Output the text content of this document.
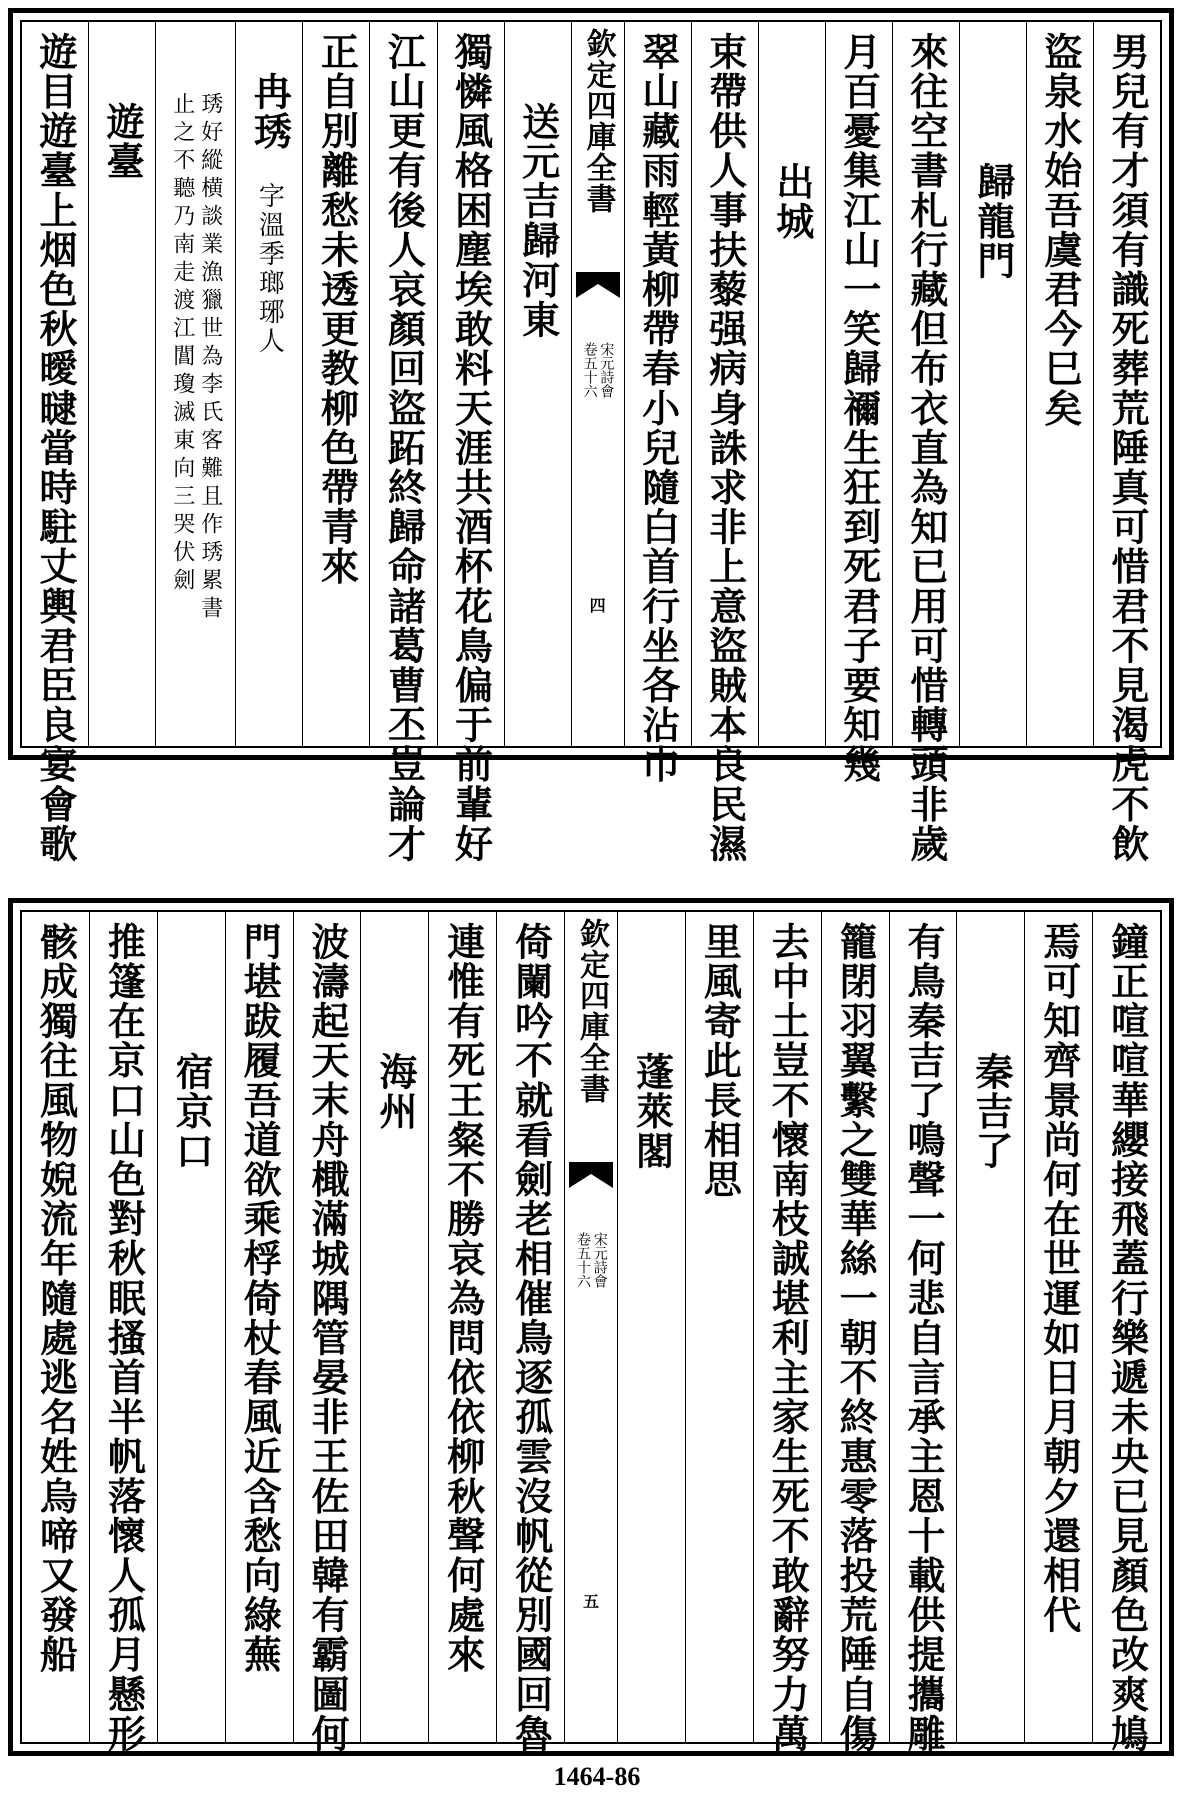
男兒有才須有識死葬荒陲真可惜君不見渴虎不飲
盜泉水始吾虞君今巳矣
歸龍門
來往空書札行藏但布衣直為知已用可惜轉頭非歲
月百憂集江山一笑歸禰生狂到死君子要知幾
出城
束帶供人事扶藜强病身誅求非上意盜賊本良民濕
翠山藏雨輕黃柳帶春小兒隨白首行坐各沾巾
欽定四庫全書
宋元詩會
卷五十六
四
送元吉歸河東
獨憐風格困塵埃敢料天涯共酒杯花鳥偏于前輩好
江山更有後人哀顏回盜跖終歸命諸葛曹丕豈論才
正自別離愁未透更教柳色帶青來
冉琇
字溫季瑯琊人
琇好縱横談業漁獵世為李氏客難且作琇累書
止之不聽乃南走渡江閶瓊滅東向三哭伏劍
遊臺
遊目遊臺上烟色秋曖曃當時駐丈輿君臣良宴會歌
鐘正喧喧華纓接飛蓋行樂遞未央已見顏色改爽鳩
焉可知齊景尚何在世運如日月朝夕還相代
秦吉了
有鳥秦吉了鳴聲一何悲自言承主恩十載供提攜雕
籠閉羽翼繫之雙華絲一朝不終惠零落投荒陲自傷
去中土豈不懷南枝誠堪利主家生死不敢辭努力萬
里風寄此長相思
蓬萊閣
欽定四庫全書
宋元詩會
卷五十六
五
倚闌吟不就看劍老相催鳥逐孤雲沒帆從別國回魯
連惟有死王粲不勝哀為問依依柳秋聲何處來
海州
波濤起天末舟檝滿城隅管晏非王佐田韓有霸圖何
門堪跋履吾道欲乘桴倚杖春風近含愁向綠蕪
宿京口
推篷在京口山色對秋眠搔首半帆落懷人孤月懸形
骸成獨往風物婗流年隨處逃名姓烏啼又發船
1464-86
